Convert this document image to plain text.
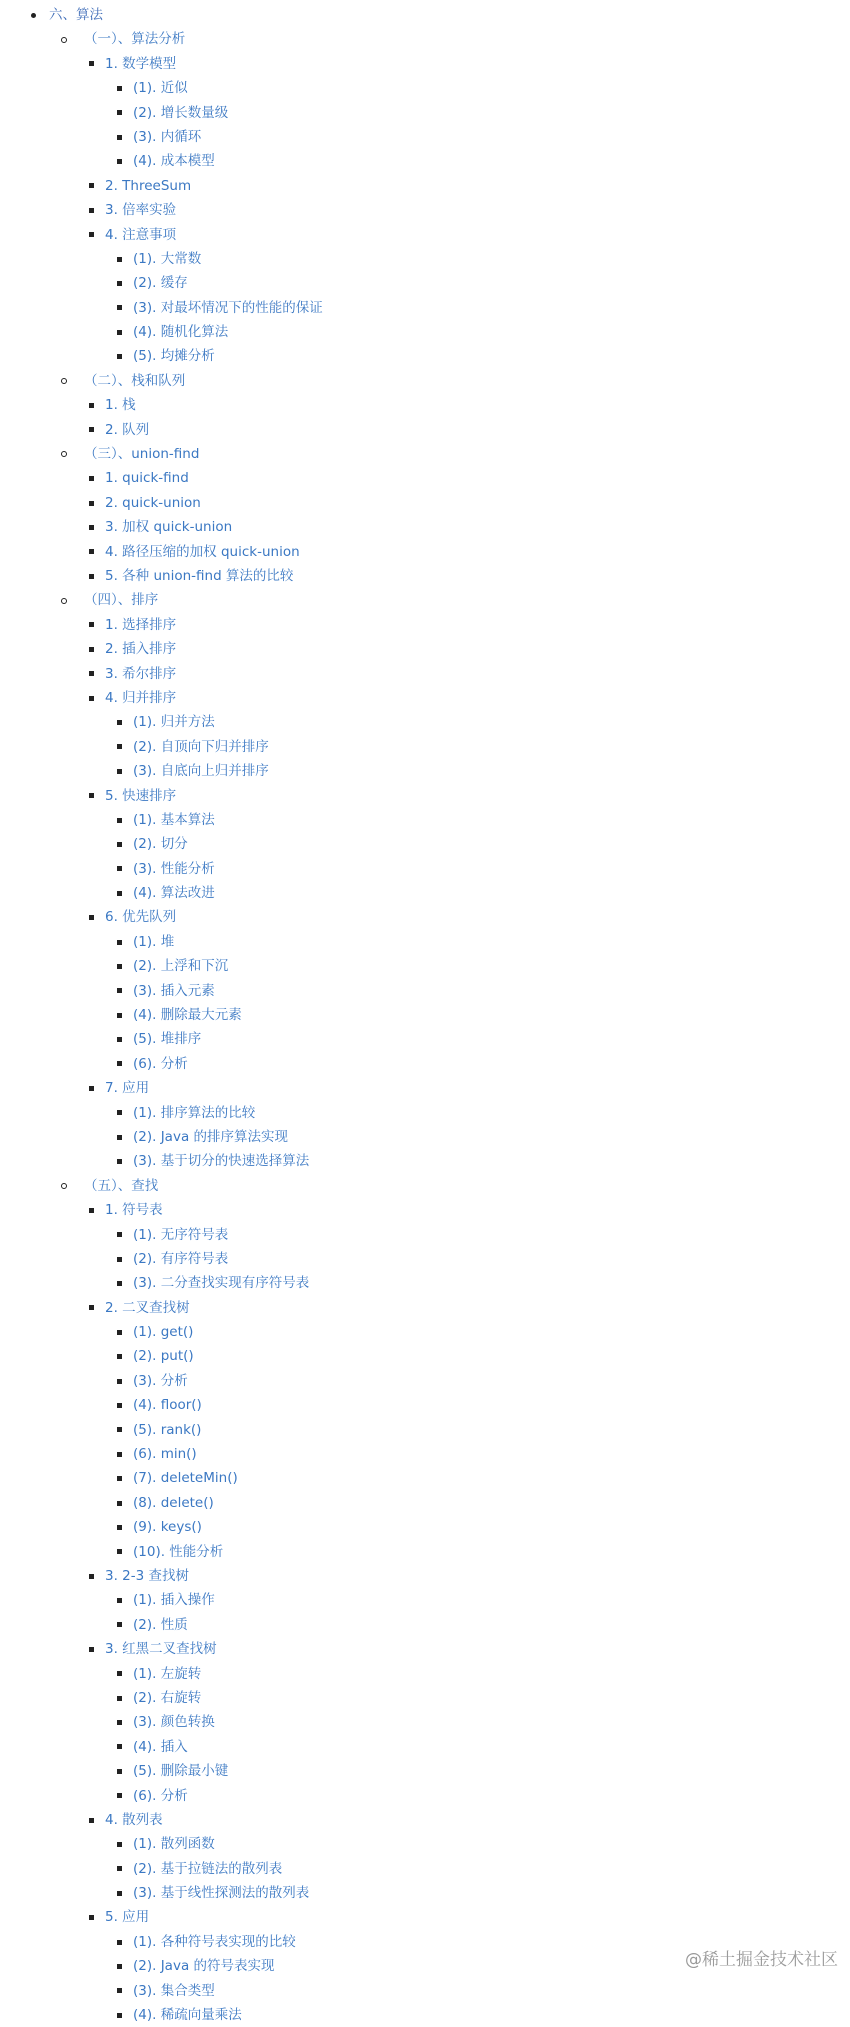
六、算法
（一）、算法分析
1. 数学模型
(1). 近似
(2). 增长数量级
(3). 内循环
(4). 成本模型
2. ThreeSum
3. 倍率实验
4. 注意事项
(1). 大常数
(2). 缓存
(3). 对最坏情况下的性能的保证
(4). 随机化算法
(5). 均摊分析
（二）、栈和队列
1. 栈
2. 队列
（三）、union-find
1. quick-find
2. quick-union
3. 加权 quick-union
4. 路径压缩的加权 quick-union
5. 各种 union-find 算法的比较
（四）、排序
1. 选择排序
2. 插入排序
3. 希尔排序
4. 归并排序
(1). 归并方法
(2). 自顶向下归并排序
(3). 自底向上归并排序
5. 快速排序
(1). 基本算法
(2). 切分
(3). 性能分析
(4). 算法改进
6. 优先队列
(1). 堆
(2). 上浮和下沉
(3). 插入元素
(4). 删除最大元素
(5). 堆排序
(6). 分析
7. 应用
(1). 排序算法的比较
(2). Java 的排序算法实现
(3). 基于切分的快速选择算法
（五）、查找
1. 符号表
(1). 无序符号表
(2). 有序符号表
(3). 二分查找实现有序符号表
2. 二叉查找树
(1). get()
(2). put()
(3). 分析
(4). floor()
(5). rank()
(6). min()
(7). deleteMin()
(8). delete()
(9). keys()
(10). 性能分析
3. 2-3 查找树
(1). 插入操作
(2). 性质
3. 红黑二叉查找树
(1). 左旋转
(2). 右旋转
(3). 颜色转换
(4). 插入
(5). 删除最小键
(6). 分析
4. 散列表
(1). 散列函数
(2). 基于拉链法的散列表
(3). 基于线性探测法的散列表
5. 应用
(1). 各种符号表实现的比较
(2). Java 的符号表实现
(3). 集合类型
(4). 稀疏向量乘法
@稀土掘金技术社区
